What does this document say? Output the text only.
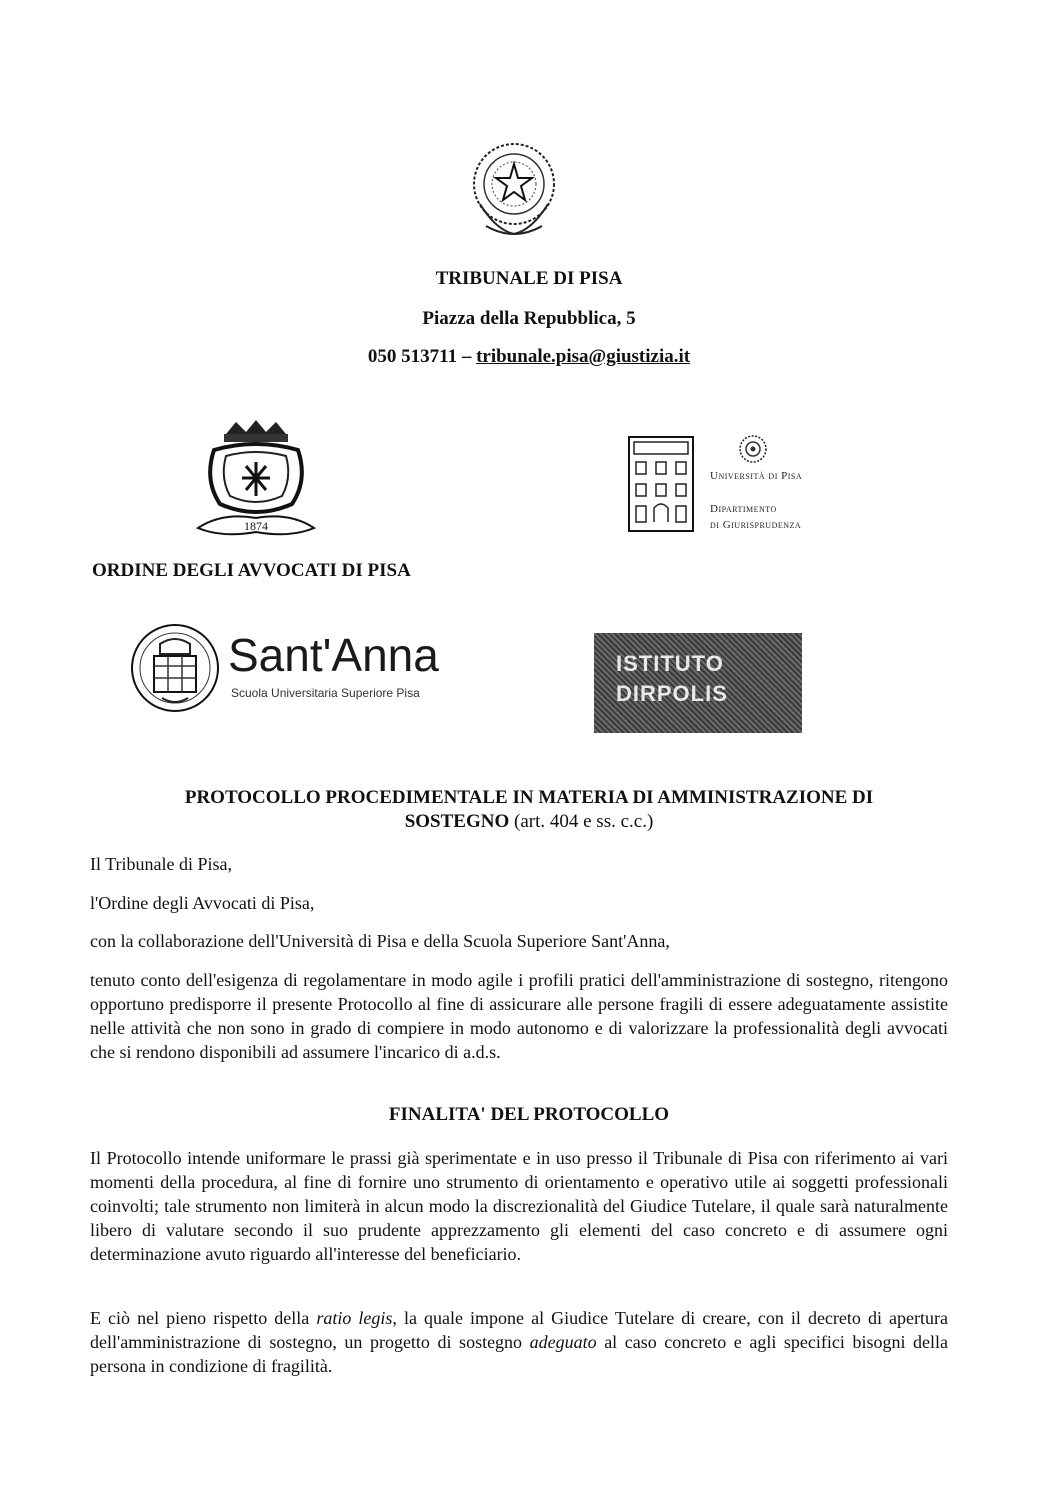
TRIBUNALE DI PISA
Piazza della Repubblica, 5
050 513711 – tribunale.pisa@giustizia.it
1874
ORDINE DEGLI AVVOCATI DI PISA
Università di Pisa
Dipartimento
di Giurisprudenza
Sant'Anna
Scuola Universitaria Superiore Pisa
ISTITUTO
DIRPOLIS
PROTOCOLLO PROCEDIMENTALE IN MATERIA DI AMMINISTRAZIONE DI
SOSTEGNO (art. 404 e ss. c.c.)
Il Tribunale di Pisa,
l'Ordine degli Avvocati di Pisa,
con la collaborazione dell'Università di Pisa e della Scuola Superiore Sant'Anna,
tenuto conto dell'esigenza di regolamentare in modo agile i profili pratici dell'amministrazione di sostegno, ritengono opportuno predisporre il presente Protocollo al fine di assicurare alle persone fragili di essere adeguatamente assistite nelle attività che non sono in grado di compiere in modo autonomo e di valorizzare la professionalità degli avvocati che si rendono disponibili ad assumere l'incarico di a.d.s.
FINALITA' DEL PROTOCOLLO
Il Protocollo intende uniformare le prassi già sperimentate e in uso presso il Tribunale di Pisa con riferimento ai vari momenti della procedura, al fine di fornire uno strumento di orientamento e operativo utile ai soggetti professionali coinvolti; tale strumento non limiterà in alcun modo la discrezionalità del Giudice Tutelare, il quale sarà naturalmente libero di valutare secondo il suo prudente apprezzamento gli elementi del caso concreto e di assumere ogni determinazione avuto riguardo all'interesse del beneficiario.
E ciò nel pieno rispetto della ratio legis, la quale impone al Giudice Tutelare di creare, con il decreto di apertura dell'amministrazione di sostegno, un progetto di sostegno adeguato al caso concreto e agli specifici bisogni della persona in condizione di fragilità.
